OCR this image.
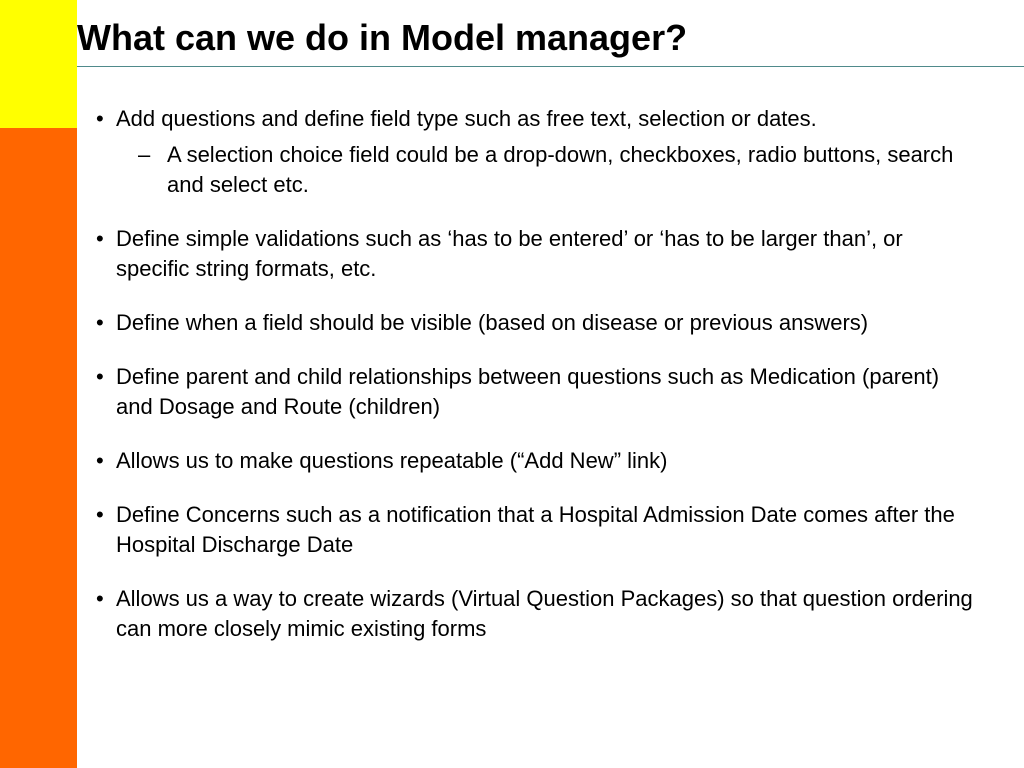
What can we do in Model manager?
• Add questions and define field type such as free text, selection or dates.
– A selection choice field could be a drop-down, checkboxes, radio buttons, search and select etc.
• Define simple validations such as ‘has to be entered’ or ‘has to be larger than’, or specific string formats, etc.
• Define when a field should be visible (based on disease or previous answers)
• Define parent and child relationships between questions such as Medication (parent) and Dosage and Route (children)
• Allows us to make questions repeatable (“Add New” link)
• Define Concerns such as a notification that a Hospital Admission Date comes after the Hospital Discharge Date
• Allows us a way to create wizards (Virtual Question Packages) so that question ordering can more closely mimic existing forms
